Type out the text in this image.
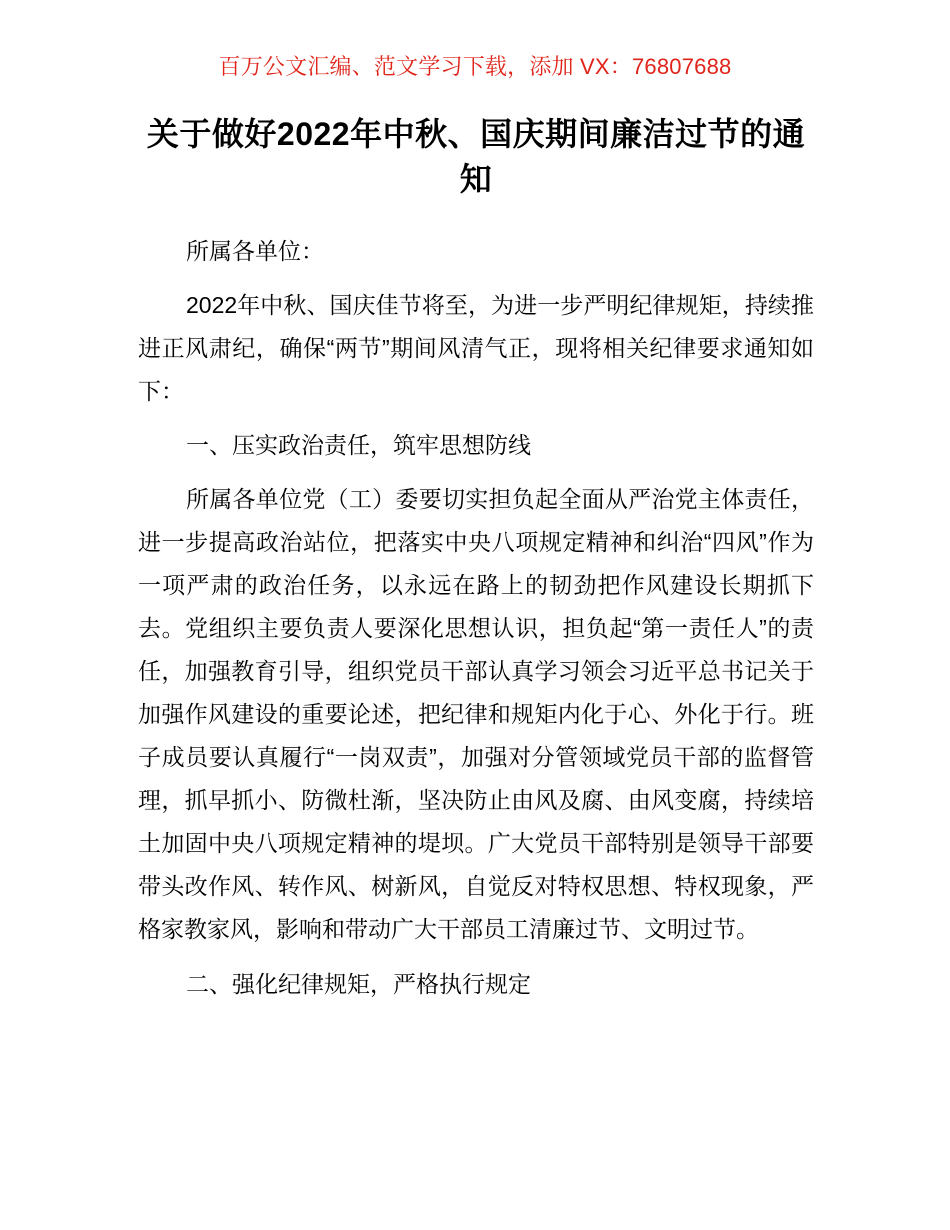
百万公文汇编、范文学习下载，添加 VX：76807688
关于做好2022年中秋、国庆期间廉洁过节的通知

所属各单位：

2022年中秋、国庆佳节将至，为进一步严明纪律规矩，持续推进正风肃纪，确保“两节”期间风清气正，现将相关纪律要求通知如下：

一、压实政治责任，筑牢思想防线

所属各单位党（工）委要切实担负起全面从严治党主体责任，进一步提高政治站位，把落实中央八项规定精神和纠治“四风”作为一项严肃的政治任务，以永远在路上的韧劲把作风建设长期抓下去。党组织主要负责人要深化思想认识，担负起“第一责任人”的责任，加强教育引导，组织党员干部认真学习领会习近平总书记关于加强作风建设的重要论述，把纪律和规矩内化于心、外化于行。班子成员要认真履行“一岗双责”，加强对分管领域党员干部的监督管理，抓早抓小、防微杜渐，坚决防止由风及腐、由风变腐，持续培土加固中央八项规定精神的堤坝。广大党员干部特别是领导干部要带头改作风、转作风、树新风，自觉反对特权思想、特权现象，严格家教家风，影响和带动广大干部员工清廉过节、文明过节。

二、强化纪律规矩，严格执行规定
